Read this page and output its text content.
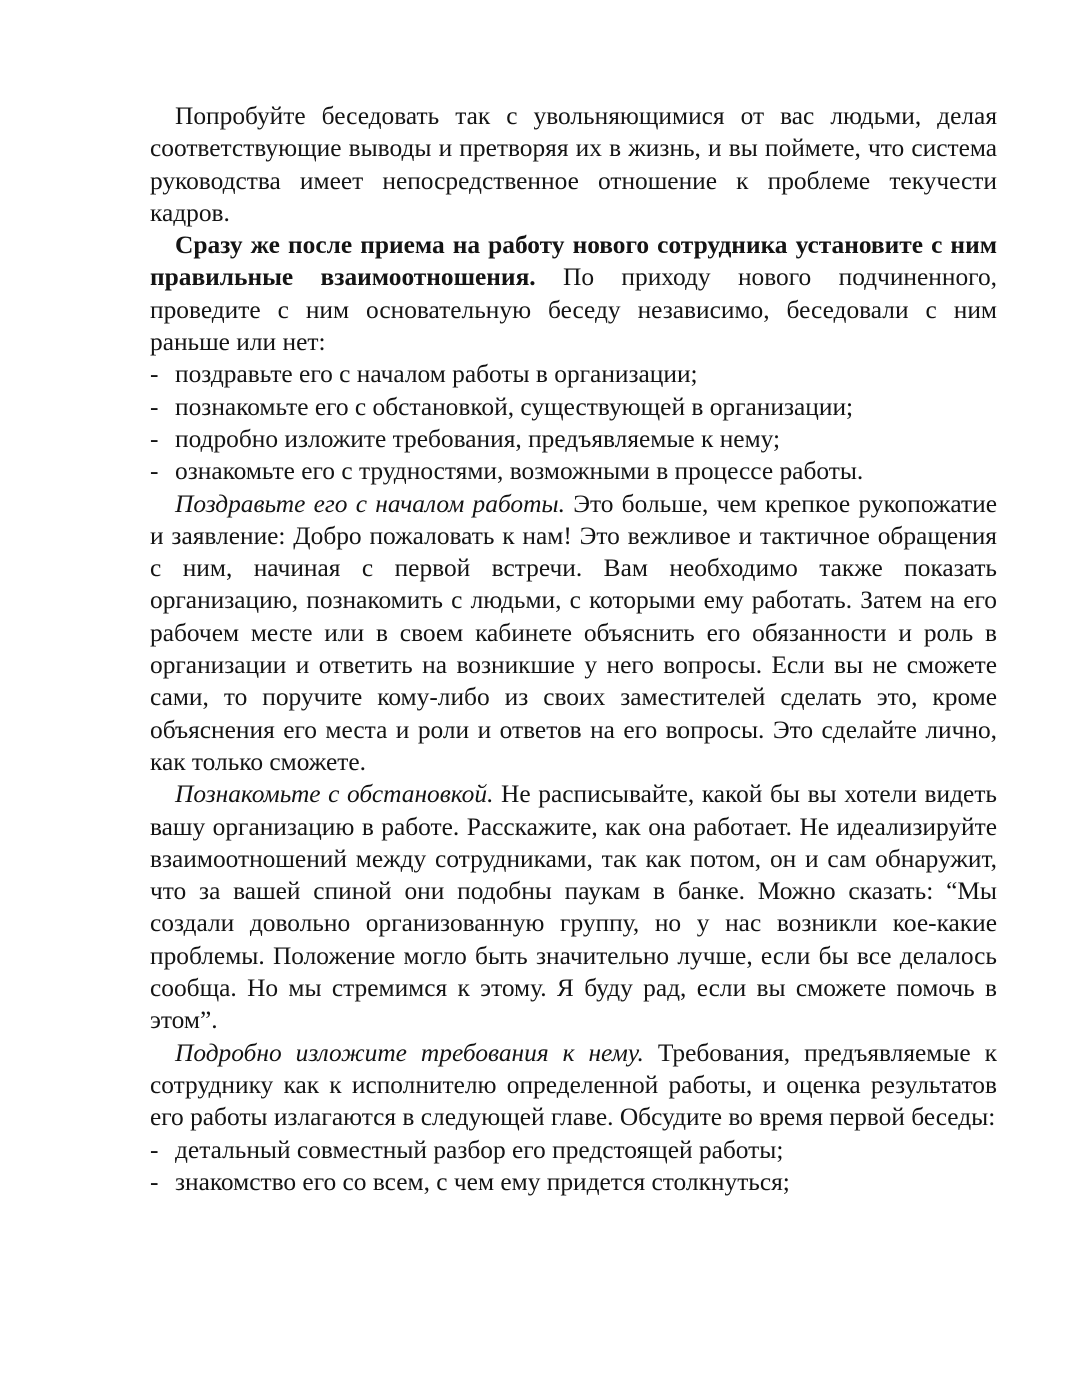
Попробуйте беседовать так с увольняющимися от вас людьми, делая соответствующие выводы и претворяя их в жизнь, и вы поймете, что система руководства имеет непосредственное отношение к проблеме текучести кадров.

Сразу же после приема на работу нового сотрудника установите с ним правильные взаимоотношения. По приходу нового подчиненного, проведите с ним основательную беседу независимо, беседовали с ним раньше или нет:

- поздравьте его с началом работы в организации;
- познакомьте его с обстановкой, существующей в организации;
- подробно изложите требования, предъявляемые к нему;
- ознакомьте его с трудностями, возможными в процессе работы.

Поздравьте его с началом работы. Это больше, чем крепкое рукопожатие и заявление: Добро пожаловать к нам! Это вежливое и тактичное обращения с ним, начиная с первой встречи. Вам необходимо также показать организацию, познакомить с людьми, с которыми ему работать. Затем на его рабочем месте или в своем кабинете объяснить его обязанности и роль в организации и ответить на возникшие у него вопросы. Если вы не сможете сами, то поручите кому-либо из своих заместителей сделать это, кроме объяснения его места и роли и ответов на его вопросы. Это сделайте лично, как только сможете.

Познакомьте с обстановкой. Не расписывайте, какой бы вы хотели видеть вашу организацию в работе. Расскажите, как она работает. Не идеализируйте взаимоотношений между сотрудниками, так как потом, он и сам обнаружит, что за вашей спиной они подобны паукам в банке. Можно сказать: “Мы создали довольно организованную группу, но у нас возникли кое-какие проблемы. Положение могло быть значительно лучше, если бы все делалось сообща. Но мы стремимся к этому. Я буду рад, если вы сможете помочь в этом”.

Подробно изложите требования к нему. Требования, предъявляемые к сотруднику как к исполнителю определенной работы, и оценка результатов его работы излагаются в следующей главе. Обсудите во время первой беседы:

- детальный совместный разбор его предстоящей работы;
- знакомство его со всем, с чем ему придется столкнуться;
